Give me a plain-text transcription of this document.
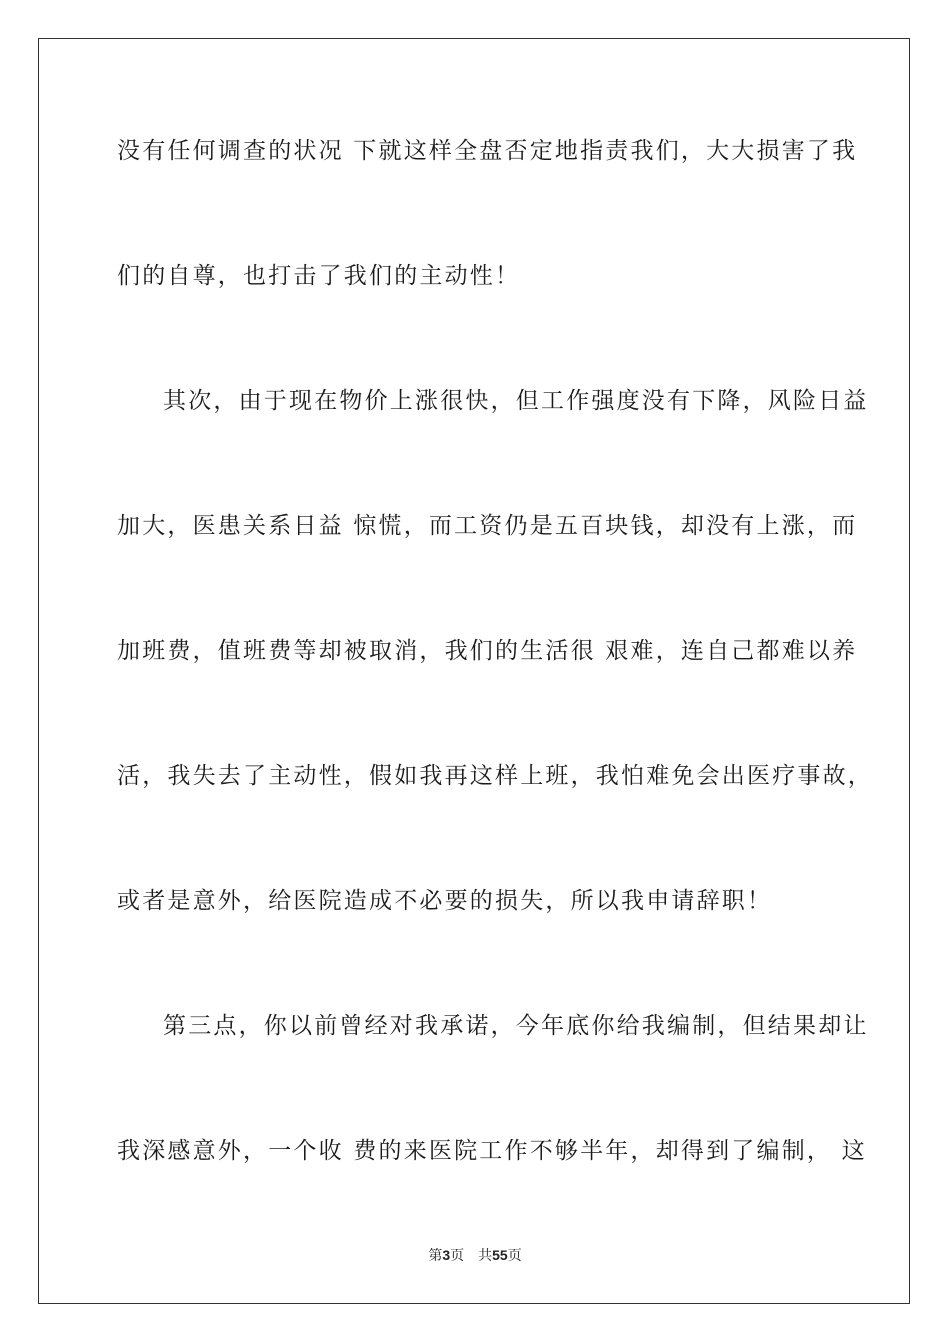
没有任何调查的状况 下就这样全盘否定地指责我们，大大损害了我
们的自尊，也打击了我们的主动性！
其次，由于现在物价上涨很快，但工作强度没有下降，风险日益
加大，医患关系日益 惊慌，而工资仍是五百块钱，却没有上涨，而
加班费，值班费等却被取消，我们的生活很 艰难，连自己都难以养
活，我失去了主动性，假如我再这样上班，我怕难免会出医疗事故，
或者是意外，给医院造成不必要的损失，所以我申请辞职！
第三点，你以前曾经对我承诺，今年底你给我编制，但结果却让
我深感意外，一个收 费的来医院工作不够半年，却得到了编制， 这
第3页 共55页
